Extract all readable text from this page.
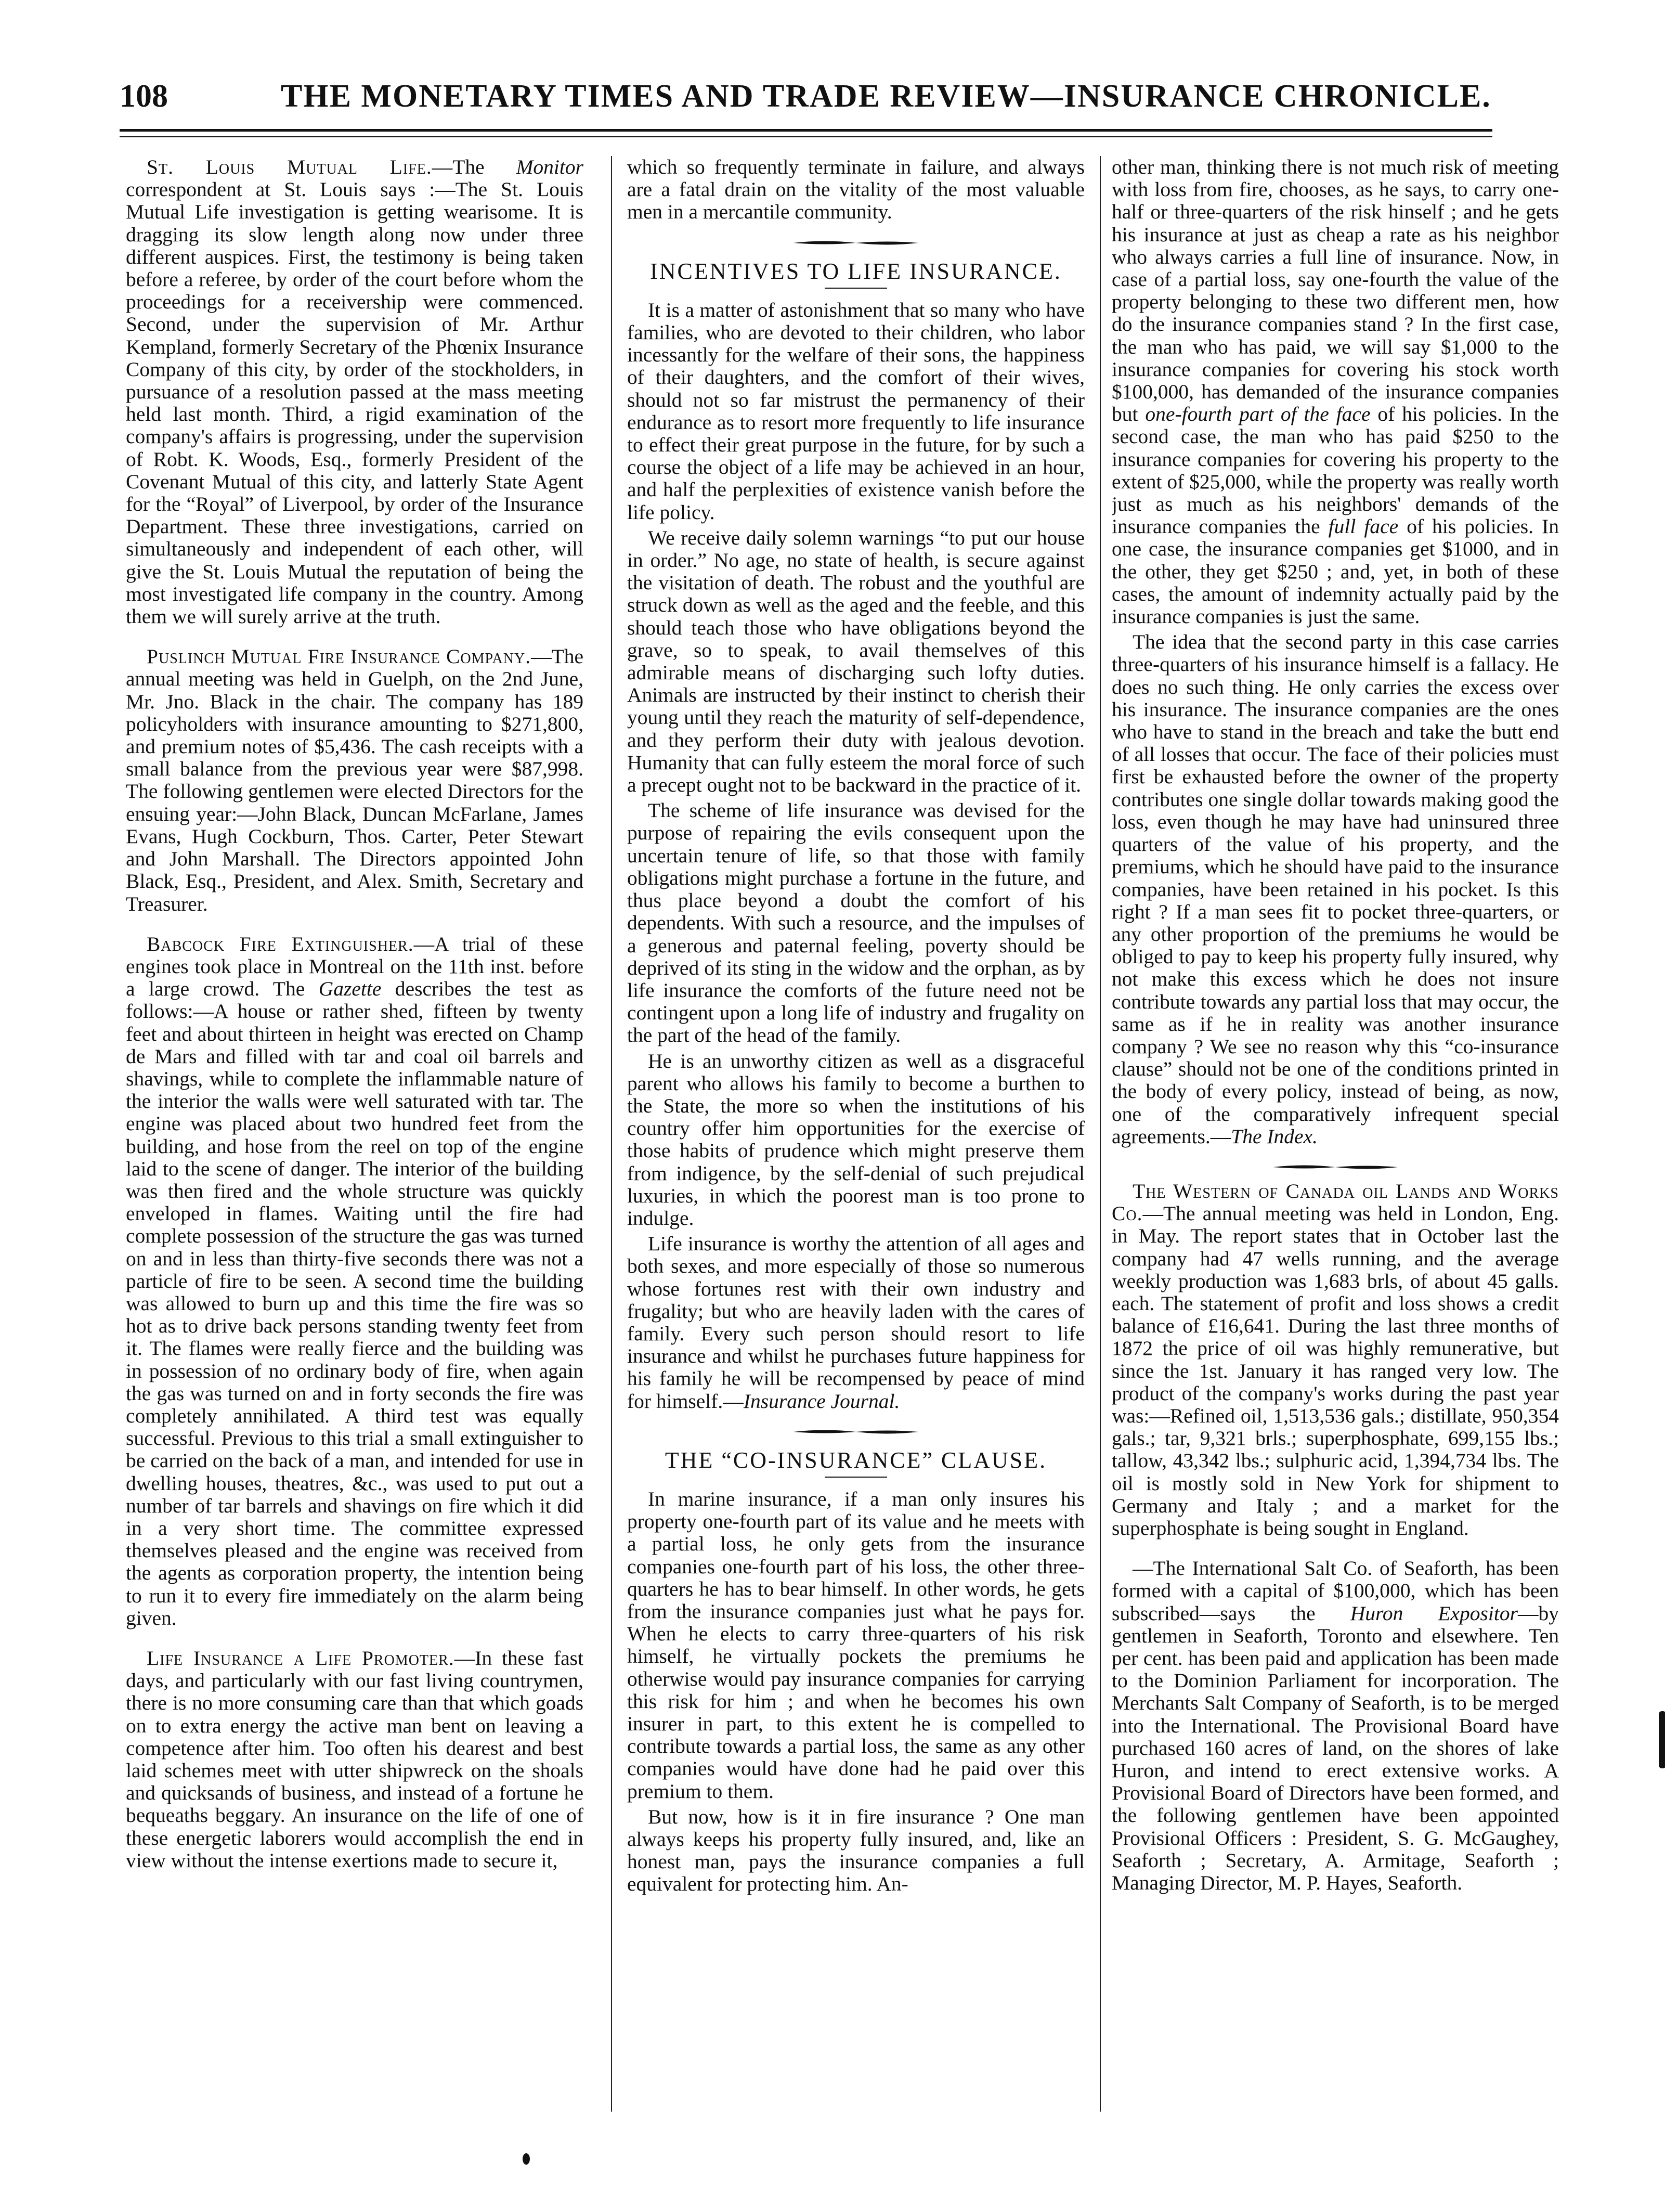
108	THE MONETARY TIMES AND TRADE REVIEW—INSURANCE CHRONICLE.

St. Louis Mutual Life.—The Monitor correspondent at St. Louis says :—The St. Louis Mutual Life investigation is getting wearisome. It is dragging its slow length along now under three different auspices. First, the testimony is being taken before a referee, by order of the court before whom the proceedings for a receivership were commenced. Second, under the supervision of Mr. Arthur Kempland, formerly Secretary of the Phœnix Insurance Company of this city, by order of the stockholders, in pursuance of a resolution passed at the mass meeting held last month. Third, a rigid examination of the company's affairs is progressing, under the supervision of Robt. K. Woods, Esq., formerly President of the Covenant Mutual of this city, and latterly State Agent for the “Royal” of Liverpool, by order of the Insurance Department. These three investigations, carried on simultaneously and independent of each other, will give the St. Louis Mutual the reputation of being the most investigated life company in the country. Among them we will surely arrive at the truth.

Puslinch Mutual Fire Insurance Company.—The annual meeting was held in Guelph, on the 2nd June, Mr. Jno. Black in the chair. The company has 189 policyholders with insurance amounting to $271,800, and premium notes of $5,436. The cash receipts with a small balance from the previous year were $87,998. The following gentlemen were elected Directors for the ensuing year:—John Black, Duncan McFarlane, James Evans, Hugh Cockburn, Thos. Carter, Peter Stewart and John Marshall. The Directors appointed John Black, Esq., President, and Alex. Smith, Secretary and Treasurer.

Babcock Fire Extinguisher.—A trial of these engines took place in Montreal on the 11th inst. before a large crowd. The Gazette describes the test as follows:—A house or rather shed, fifteen by twenty feet and about thirteen in height was erected on Champ de Mars and filled with tar and coal oil barrels and shavings, while to complete the inflammable nature of the interior the walls were well saturated with tar. The engine was placed about two hundred feet from the building, and hose from the reel on top of the engine laid to the scene of danger. The interior of the building was then fired and the whole structure was quickly enveloped in flames. Waiting until the fire had complete possession of the structure the gas was turned on and in less than thirty-five seconds there was not a particle of fire to be seen. A second time the building was allowed to burn up and this time the fire was so hot as to drive back persons standing twenty feet from it. The flames were really fierce and the building was in possession of no ordinary body of fire, when again the gas was turned on and in forty seconds the fire was completely annihilated. A third test was equally successful. Previous to this trial a small extinguisher to be carried on the back of a man, and intended for use in dwelling houses, theatres, &c., was used to put out a number of tar barrels and shavings on fire which it did in a very short time. The committee expressed themselves pleased and the engine was received from the agents as corporation property, the intention being to run it to every fire immediately on the alarm being given.

Life Insurance a Life Promoter.—In these fast days, and particularly with our fast living countrymen, there is no more consuming care than that which goads on to extra energy the active man bent on leaving a competence after him. Too often his dearest and best laid schemes meet with utter shipwreck on the shoals and quicksands of business, and instead of a fortune he bequeaths beggary. An insurance on the life of one of these energetic laborers would accomplish the end in view without the intense exertions made to secure it,

which so frequently terminate in failure, and always are a fatal drain on the vitality of the most valuable men in a mercantile community.

INCENTIVES TO LIFE INSURANCE.

It is a matter of astonishment that so many who have families, who are devoted to their children, who labor incessantly for the welfare of their sons, the happiness of their daughters, and the comfort of their wives, should not so far mistrust the permanency of their endurance as to resort more frequently to life insurance to effect their great purpose in the future, for by such a course the object of a life may be achieved in an hour, and half the perplexities of existence vanish before the life policy.

We receive daily solemn warnings “to put our house in order.” No age, no state of health, is secure against the visitation of death. The robust and the youthful are struck down as well as the aged and the feeble, and this should teach those who have obligations beyond the grave, so to speak, to avail themselves of this admirable means of discharging such lofty duties. Animals are instructed by their instinct to cherish their young until they reach the maturity of self-dependence, and they perform their duty with jealous devotion. Humanity that can fully esteem the moral force of such a precept ought not to be backward in the practice of it.

The scheme of life insurance was devised for the purpose of repairing the evils consequent upon the uncertain tenure of life, so that those with family obligations might purchase a fortune in the future, and thus place beyond a doubt the comfort of his dependents. With such a resource, and the impulses of a generous and paternal feeling, poverty should be deprived of its sting in the widow and the orphan, as by life insurance the comforts of the future need not be contingent upon a long life of industry and frugality on the part of the head of the family.

He is an unworthy citizen as well as a disgraceful parent who allows his family to become a burthen to the State, the more so when the institutions of his country offer him opportunities for the exercise of those habits of prudence which might preserve them from indigence, by the self-denial of such prejudical luxuries, in which the poorest man is too prone to indulge.

Life insurance is worthy the attention of all ages and both sexes, and more especially of those so numerous whose fortunes rest with their own industry and frugality; but who are heavily laden with the cares of family. Every such person should resort to life insurance and whilst he purchases future happiness for his family he will be recompensed by peace of mind for himself.—Insurance Journal.

THE “CO-INSURANCE” CLAUSE.

In marine insurance, if a man only insures his property one-fourth part of its value and he meets with a partial loss, he only gets from the insurance companies one-fourth part of his loss, the other three-quarters he has to bear himself. In other words, he gets from the insurance companies just what he pays for. When he elects to carry three-quarters of his risk himself, he virtually pockets the premiums he otherwise would pay insurance companies for carrying this risk for him ; and when he becomes his own insurer in part, to this extent he is compelled to contribute towards a partial loss, the same as any other companies would have done had he paid over this premium to them.

But now, how is it in fire insurance ? One man always keeps his property fully insured, and, like an honest man, pays the insurance companies a full equivalent for protecting him. An-

other man, thinking there is not much risk of meeting with loss from fire, chooses, as he says, to carry one-half or three-quarters of the risk hinself ; and he gets his insurance at just as cheap a rate as his neighbor who always carries a full line of insurance. Now, in case of a partial loss, say one-fourth the value of the property belonging to these two different men, how do the insurance companies stand ? In the first case, the man who has paid, we will say $1,000 to the insurance companies for covering his stock worth $100,000, has demanded of the insurance companies but one-fourth part of the face of his policies. In the second case, the man who has paid $250 to the insurance companies for covering his property to the extent of $25,000, while the property was really worth just as much as his neighbors' demands of the insurance companies the full face of his policies. In one case, the insurance companies get $1000, and in the other, they get $250 ; and, yet, in both of these cases, the amount of indemnity actually paid by the insurance companies is just the same.

The idea that the second party in this case carries three-quarters of his insurance himself is a fallacy. He does no such thing. He only carries the excess over his insurance. The insurance companies are the ones who have to stand in the breach and take the butt end of all losses that occur. The face of their policies must first be exhausted before the owner of the property contributes one single dollar towards making good the loss, even though he may have had uninsured three quarters of the value of his property, and the premiums, which he should have paid to the insurance companies, have been retained in his pocket. Is this right ? If a man sees fit to pocket three-quarters, or any other proportion of the premiums he would be obliged to pay to keep his property fully insured, why not make this excess which he does not insure contribute towards any partial loss that may occur, the same as if he in reality was another insurance company ? We see no reason why this “co-insurance clause” should not be one of the conditions printed in the body of every policy, instead of being, as now, one of the comparatively infrequent special agreements.—The Index.

The Western of Canada oil Lands and Works Co.—The annual meeting was held in London, Eng. in May. The report states that in October last the company had 47 wells running, and the average weekly production was 1,683 brls, of about 45 galls. each. The statement of profit and loss shows a credit balance of £16,641. During the last three months of 1872 the price of oil was highly remunerative, but since the 1st. January it has ranged very low. The product of the company's works during the past year was:—Refined oil, 1,513,536 gals.; distillate, 950,354 gals.; tar, 9,321 brls.; superphosphate, 699,155 lbs.; tallow, 43,342 lbs.; sulphuric acid, 1,394,734 lbs. The oil is mostly sold in New York for shipment to Germany and Italy ; and a market for the superphosphate is being sought in England.

—The International Salt Co. of Seaforth, has been formed with a capital of $100,000, which has been subscribed—says the Huron Expositor—by gentlemen in Seaforth, Toronto and elsewhere. Ten per cent. has been paid and application has been made to the Dominion Parliament for incorporation. The Merchants Salt Company of Seaforth, is to be merged into the International. The Provisional Board have purchased 160 acres of land, on the shores of lake Huron, and intend to erect extensive works. A Provisional Board of Directors have been formed, and the following gentlemen have been appointed Provisional Officers : President, S. G. McGaughey, Seaforth ; Secretary, A. Armitage, Seaforth ; Managing Director, M. P. Hayes, Seaforth.
